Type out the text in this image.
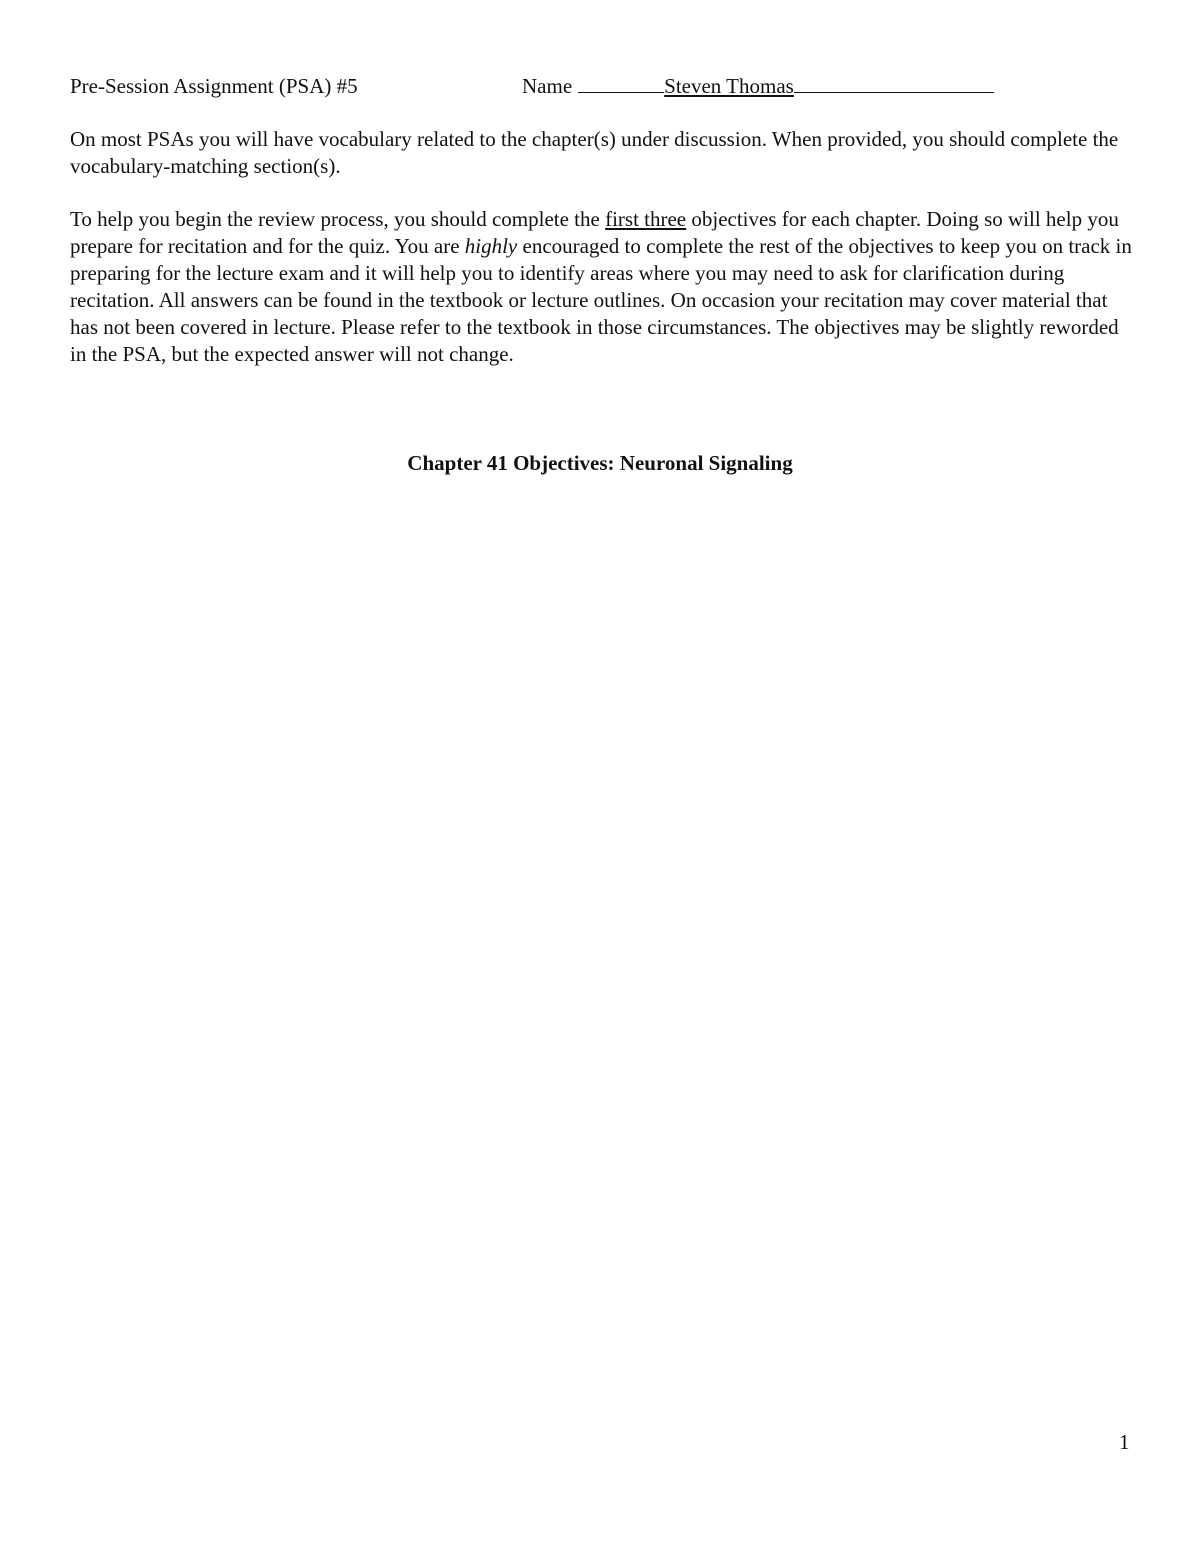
Pre-Session Assignment (PSA) #5	Name	Steven Thomas

On most PSAs you will have vocabulary related to the chapter(s) under discussion. When provided, you should complete the vocabulary-matching section(s).

To help you begin the review process, you should complete the first three objectives for each chapter. Doing so will help you prepare for recitation and for the quiz. You are highly encouraged to complete the rest of the objectives to keep you on track in preparing for the lecture exam and it will help you to identify areas where you may need to ask for clarification during recitation. All answers can be found in the textbook or lecture outlines. On occasion your recitation may cover material that has not been covered in lecture. Please refer to the textbook in those circumstances. The objectives may be slightly reworded in the PSA, but the expected answer will not change.

Chapter 41 Objectives: Neuronal Signaling
1
